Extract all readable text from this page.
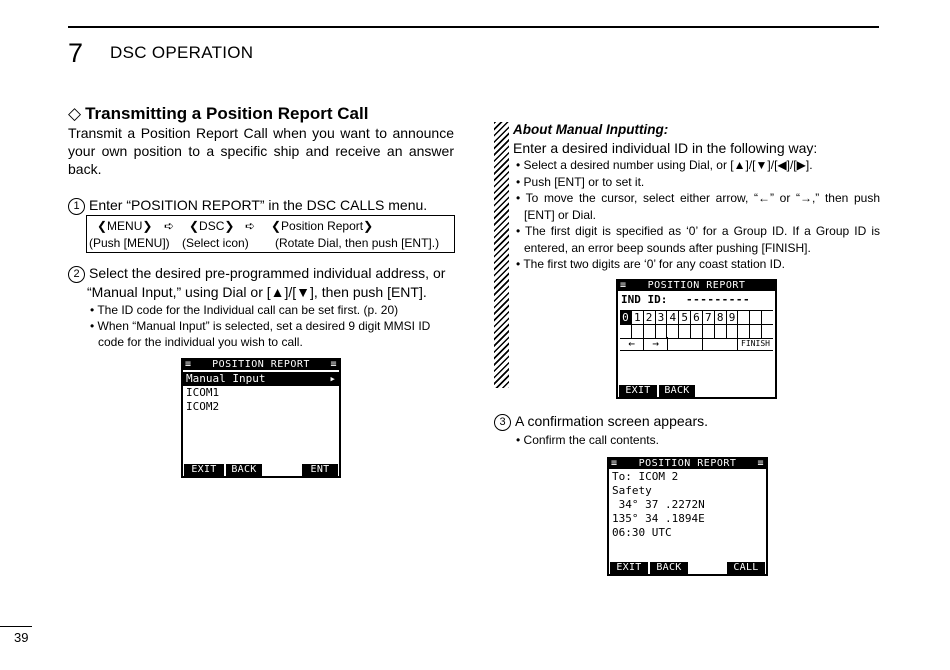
7 DSC OPERATION
◇ Transmitting a Position Report Call
Transmit a Position Report Call when you want to announce your own position to a specific ship and receive an answer back.
1 Enter “POSITION REPORT” in the DSC CALLS menu.
❮MENU❯ ➪ ❮DSC❯ ➪ ❮Position Report❯
(Push [MENU]) (Select icon) (Rotate Dial, then push [ENT].)
2 Select the desired pre-programmed individual address, or “Manual Input,” using Dial or [▲]/[▼], then push [ENT].
• The ID code for the Individual call can be set first. (p. 20)
• When “Manual Input” is selected, set a desired 9 digit MMSI ID code for the individual you wish to call.
≡ POSITION REPORT ≡
Manual Input	▸
ICOM1
ICOM2
EXIT	BACK	ENT
About Manual Inputting:
Enter a desired individual ID in the following way:
• Select a desired number using Dial, or [▲]/[▼]/[◀]/[▶].
• Push [ENT] or to set it.
• To move the cursor, select either arrow, “←” or “→,” then push [ENT] or Dial.
• The first digit is specified as ‘0’ for a Group ID. If a Group ID is entered, an error beep sounds after pushing [FINISH].
• The first two digits are ‘0’ for any coast station ID.
≡ POSITION REPORT
IND ID: ---------
0 1 2 3 4 5 6 7 8 9
←	→	FINISH
EXIT	BACK
3 A confirmation screen appears.
• Confirm the call contents.
≡ POSITION REPORT ≡
To: ICOM 2
Safety
34° 37 .2272N
135° 34 .1894E
06:30 UTC
EXIT	BACK	CALL
39
